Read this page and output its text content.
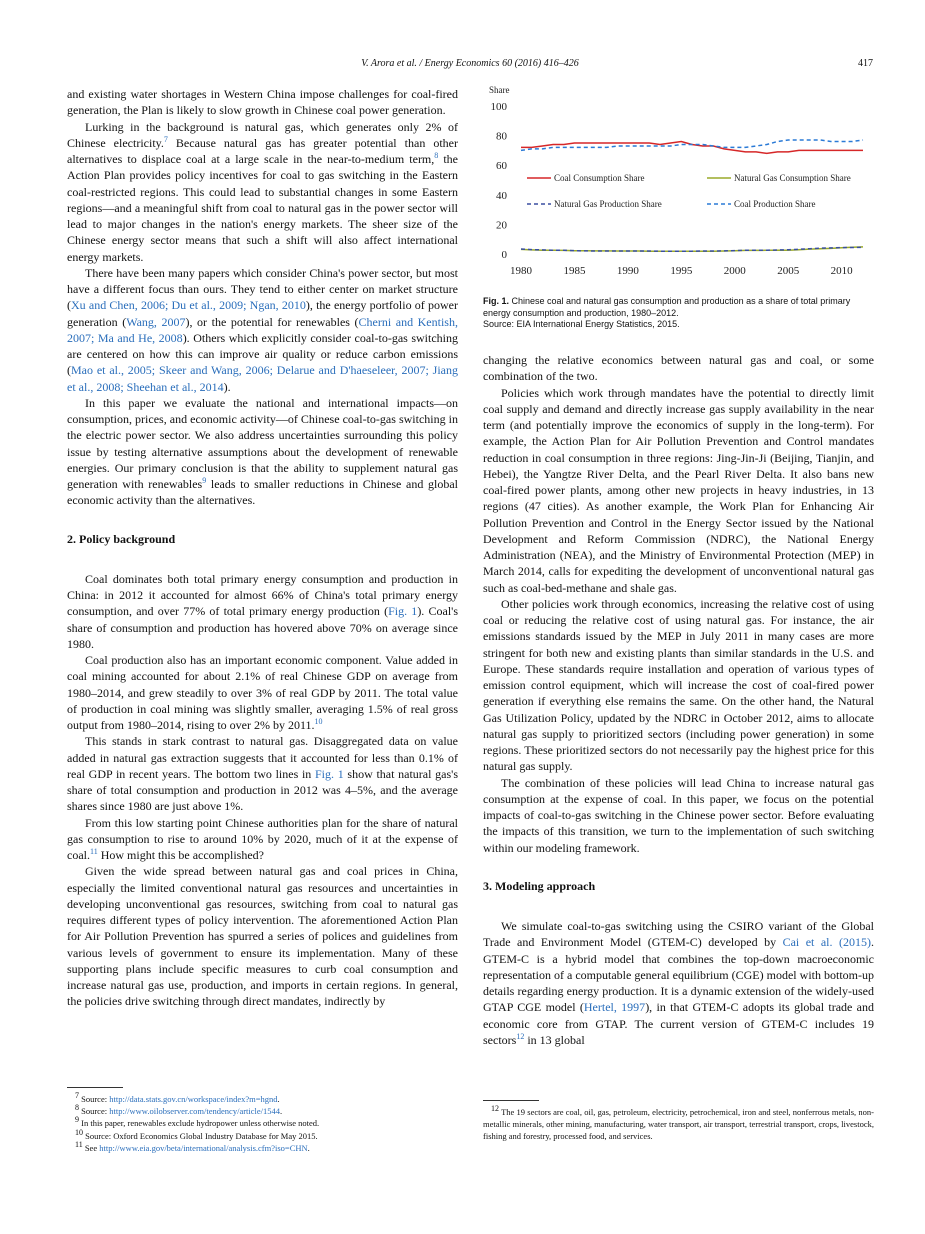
V. Arora et al. / Energy Economics 60 (2016) 416–426	417

and existing water shortages in Western China impose challenges for coal-fired generation, the Plan is likely to slow growth in Chinese coal power generation.

Lurking in the background is natural gas, which generates only 2% of Chinese electricity.$^7$ Because natural gas has greater potential than other alternatives to displace coal at a large scale in the near-to-medium term,$^8$ the Action Plan provides policy incentives for coal to gas switching in the Eastern coal-restricted regions. This could lead to substantial changes in some Eastern regions—and a meaningful shift from coal to natural gas in the power sector will lead to major changes in the nation's energy markets. The sheer size of the Chinese energy sector means that such a shift will also affect international energy markets.

There have been many papers which consider China's power sector, but most have a different focus than ours. They tend to either center on market structure (Xu and Chen, 2006; Du et al., 2009; Ngan, 2010), the energy portfolio of power generation (Wang, 2007), or the potential for renewables (Cherni and Kentish, 2007; Ma and He, 2008). Others which explicitly consider coal-to-gas switching are centered on how this can improve air quality or reduce carbon emissions (Mao et al., 2005; Skeer and Wang, 2006; Delarue and D'haeseleer, 2007; Jiang et al., 2008; Sheehan et al., 2014).

In this paper we evaluate the national and international impacts—on consumption, prices, and economic activity—of Chinese coal-to-gas switching in the electric power sector. We also address uncertainties surrounding this policy issue by testing alternative assumptions about the development of renewable energies. Our primary conclusion is that the ability to supplement natural gas generation with renewables$^9$ leads to smaller reductions in Chinese and global economic activity than the alternatives.

2. Policy background

Coal dominates both total primary energy consumption and production in China: in 2012 it accounted for almost 66% of China's total primary energy consumption, and over 77% of total primary energy production (Fig. 1). Coal's share of consumption and production has hovered above 70% on average since 1980.

Coal production also has an important economic component. Value added in coal mining accounted for about 2.1% of real Chinese GDP on average from 1980–2014, and grew steadily to over 3% of real GDP by 2011. The total value of production in coal mining was slightly smaller, averaging 1.5% of real gross output from 1980–2014, rising to over 2% by 2011.10

This stands in stark contrast to natural gas. Disaggregated data on value added in natural gas extraction suggests that it accounted for less than 0.1% of real GDP in recent years. The bottom two lines in Fig. 1 show that natural gas's share of total consumption and production in 2012 was 4–5%, and the average shares since 1980 are just above 1%.

From this low starting point Chinese authorities plan for the share of natural gas consumption to rise to around 10% by 2020, much of it at the expense of coal.$^{11}$ How might this be accomplished?

Given the wide spread between natural gas and coal prices in China, especially the limited conventional natural gas resources and uncertainties in developing unconventional gas resources, switching from coal to natural gas requires different types of policy intervention. The aforementioned Action Plan for Air Pollution Prevention has spurred a series of polices and guidelines from various levels of government to ensure its implementation. Many of these supporting plans include specific measures to curb coal consumption and increase natural gas use, production, and imports in certain regions. In general, the policies drive switching through direct mandates, indirectly by

Share
0
20
40
60
80
100
1980	1985	1990	1995	2000	2005	2010
Coal Consumption Share	Natural Gas Consumption Share
Natural Gas Production Share	Coal Production Share
Fig. 1. Chinese coal and natural gas consumption and production as a share of total primary energy consumption and production, 1980–2012.
Source: EIA International Energy Statistics, 2015.

changing the relative economics between natural gas and coal, or some combination of the two.

Policies which work through mandates have the potential to directly limit coal supply and demand and directly increase gas supply availability in the near term (and potentially improve the economics of supply in the long-term). For example, the Action Plan for Air Pollution Prevention and Control mandates reduction in coal consumption in three regions: Jing-Jin-Ji (Beijing, Tianjin, and Hebei), the Yangtze River Delta, and the Pearl River Delta. It also bans new coal-fired power plants, among other new projects in heavy industries, in 13 regions (47 cities). As another example, the Work Plan for Enhancing Air Pollution Prevention and Control in the Energy Sector issued by the National Development and Reform Commission (NDRC), the National Energy Administration (NEA), and the Ministry of Environmental Protection (MEP) in March 2014, calls for expediting the development of unconventional natural gas such as coal-bed-methane and shale gas.

Other policies work through economics, increasing the relative cost of using coal or reducing the relative cost of using natural gas. For instance, the air emissions standards issued by the MEP in July 2011 in many cases are more stringent for both new and existing plants than similar standards in the U.S. and Europe. These standards require installation and operation of various types of emission control equipment, which will increase the cost of coal-fired power generation if everything else remains the same. On the other hand, the Natural Gas Utilization Policy, updated by the NDRC in October 2012, aims to allocate natural gas supply to prioritized sectors (including power generation) in some regions. These prioritized sectors do not necessarily pay the highest price for this natural gas supply.

The combination of these policies will lead China to increase natural gas consumption at the expense of coal. In this paper, we focus on the potential impacts of coal-to-gas switching in the Chinese power sector. Before evaluating the impacts of this transition, we turn to the implementation of such switching within our modeling framework.

3. Modeling approach

We simulate coal-to-gas switching using the CSIRO variant of the Global Trade and Environment Model (GTEM-C) developed by Cai et al. (2015). GTEM-C is a hybrid model that combines the top-down macroeconomic representation of a computable general equilibrium (CGE) model with bottom-up details regarding energy production. It is a dynamic extension of the widely-used GTAP CGE model (Hertel, 1997), in that GTEM-C adopts its global trade and economic core from GTAP. The current version of GTEM-C includes 19 sectors$^{12}$ in 13 global

$^7$ Source: http://data.stats.gov.cn/workspace/index?m=hgnd.
$^8$ Source: http://www.oilobserver.com/tendency/article/1544.
$^9$ In this paper, renewables exclude hydropower unless otherwise noted.
$^{10}$ Source: Oxford Economics Global Industry Database for May 2015.
$^{11}$ See http://www.eia.gov/beta/international/analysis.cfm?iso=CHN.
$^{12}$ The 19 sectors are coal, oil, gas, petroleum, electricity, petrochemical, iron and steel, nonferrous metals, non-metallic minerals, other mining, manufacturing, water transport, air transport, terrestrial transport, crops, livestock, fishing and forestry, processed food, and services.
